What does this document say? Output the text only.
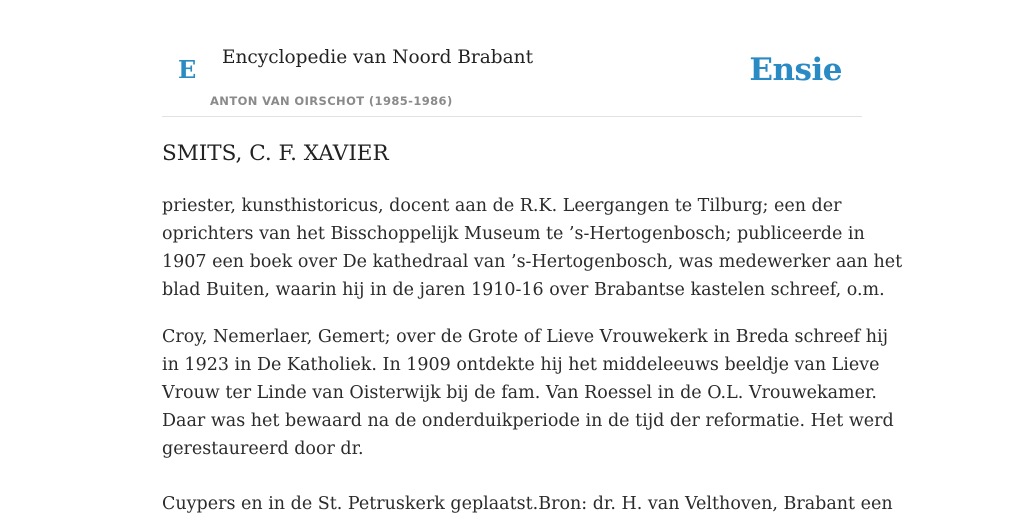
E Encyclopedie van Noord Brabant
ANTON VAN OIRSCHOT (1985-1986)
Ensie
SMITS, C. F. XAVIER

priester, kunsthistoricus, docent aan de R.K. Leergangen te Tilburg; een der
oprichters van het Bisschoppelijk Museum te ’s-Hertogenbosch; publiceerde in
1907 een boek over De kathedraal van ’s-Hertogenbosch, was medewerker aan het
blad Buiten, waarin hij in de jaren 1910-16 over Brabantse kastelen schreef, o.m.

Croy, Nemerlaer, Gemert; over de Grote of Lieve Vrouwekerk in Breda schreef hij
in 1923 in De Katholiek. In 1909 ontdekte hij het middeleeuws beeldje van Lieve
Vrouw ter Linde van Oisterwijk bij de fam. Van Roessel in de O.L. Vrouwekamer.
Daar was het bewaard na de onderduikperiode in de tijd der reformatie. Het werd
gerestaureerd door dr.

Cuypers en in de St. Petruskerk geplaatst.Bron: dr. H. van Velthoven, Brabant een
